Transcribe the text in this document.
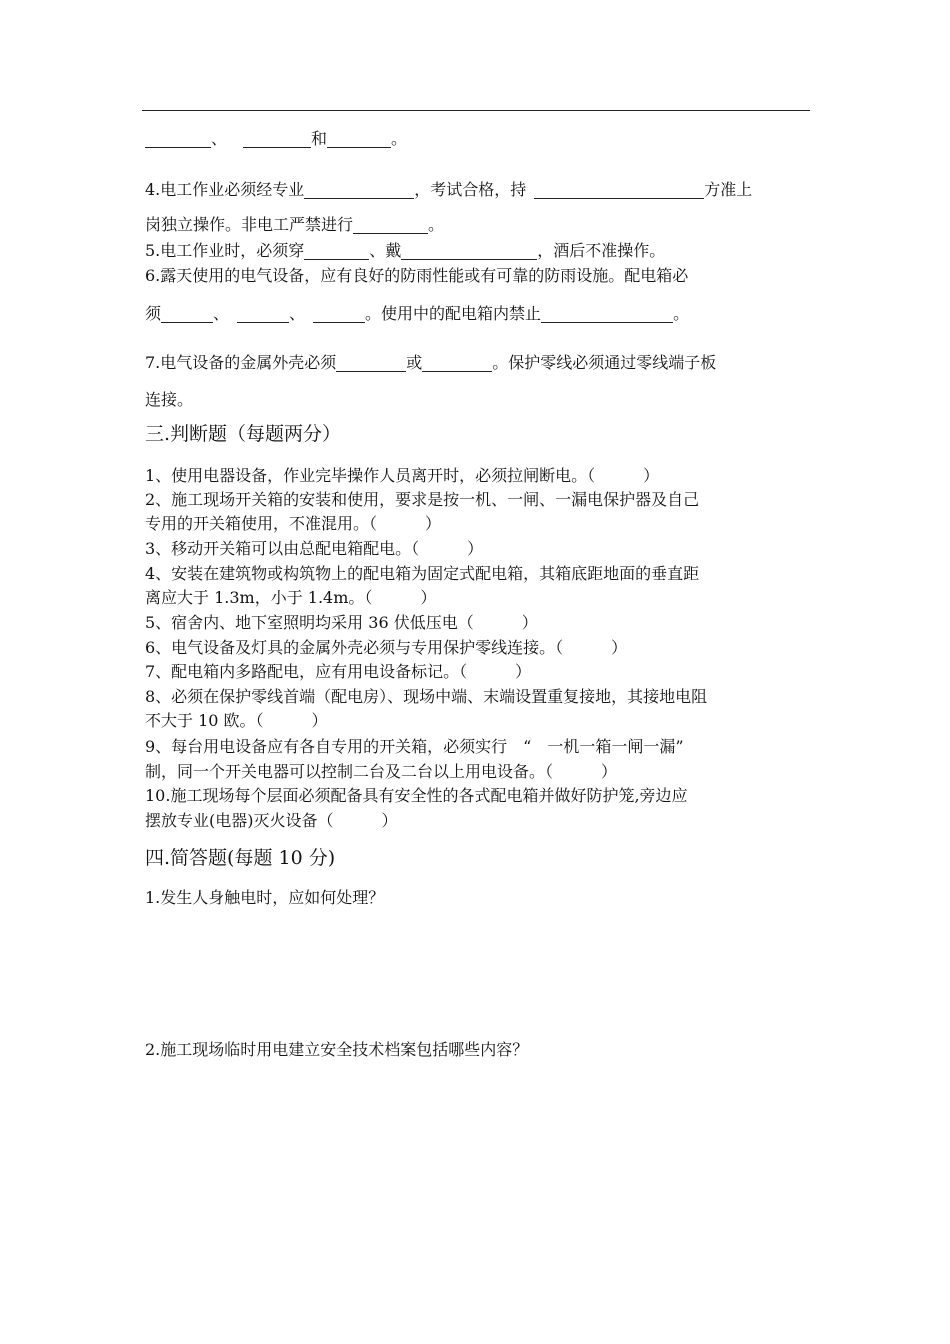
、	和	。
4.电工作业必须经专业	，考试合格，持	方准上
岗独立操作。非电工严禁进行	。
5.电工作业时，必须穿	、戴	，酒后不准操作。
6.露天使用的电气设备，应有良好的防雨性能或有可靠的防雨设施。配电箱必
须	、	、	。使用中的配电箱内禁止	。
7.电气设备的金属外壳必须	或	。保护零线必须通过零线端子板
连接。
三.判断题（每题两分）
1、使用电器设备，作业完毕操作人员离开时，必须拉闸断电。（　　　）
2、施工现场开关箱的安装和使用，要求是按一机、一闸、一漏电保护器及自己
专用的开关箱使用，不准混用。（　　　）
3、移动开关箱可以由总配电箱配电。（　　　）
4、安装在建筑物或构筑物上的配电箱为固定式配电箱，其箱底距地面的垂直距
离应大于 1.3m，小于 1.4m。（　　　）
5、宿舍内、地下室照明均采用 36 伏低压电（　　　）
6、电气设备及灯具的金属外壳必须与专用保护零线连接。（　　　）
7、配电箱内多路配电，应有用电设备标记。（　　　）
8、必须在保护零线首端（配电房）、现场中端、末端设置重复接地，其接地电阻
不大于 10 欧。（　　　）
9、每台用电设备应有各自专用的开关箱，必须实行　“　一机一箱一闸一漏”
制，同一个开关电器可以控制二台及二台以上用电设备。（　　　）
10.施工现场每个层面必须配备具有安全性的各式配电箱并做好防护笼,旁边应
摆放专业(电器)灭火设备（　　　）
四.简答题(每题 10 分)
1.发生人身触电时，应如何处理？
2.施工现场临时用电建立安全技术档案包括哪些内容？
